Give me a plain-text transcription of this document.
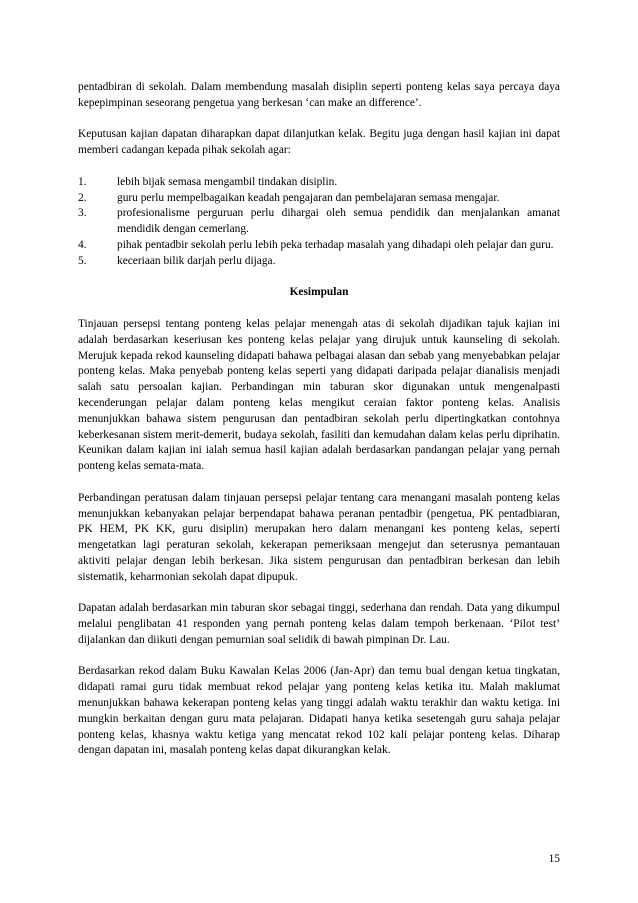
pentadbiran di sekolah. Dalam membendung masalah disiplin seperti ponteng kelas saya percaya daya kepepimpinan seseorang pengetua yang berkesan ‘can make an difference’.

Keputusan kajian dapatan diharapkan dapat dilanjutkan kelak. Begitu juga dengan hasil kajian ini dapat memberi cadangan kepada pihak sekolah agar:

1.	lebih bijak semasa mengambil tindakan disiplin.
2.	guru perlu mempelbagaikan keadah pengajaran dan pembelajaran semasa mengajar.
3.	profesionalisme perguruan perlu dihargai oleh semua pendidik dan menjalankan amanat mendidik dengan cemerlang.
4.	pihak pentadbir sekolah perlu lebih peka terhadap masalah yang dihadapi oleh pelajar dan guru.
5.	keceriaan bilik darjah perlu dijaga.
Kesimpulan

Tinjauan persepsi tentang ponteng kelas pelajar menengah atas di sekolah dijadikan tajuk kajian ini adalah berdasarkan keseriusan kes ponteng kelas pelajar yang dirujuk untuk kaunseling di sekolah. Merujuk kepada rekod kaunseling didapati bahawa pelbagai alasan dan sebab yang menyebabkan pelajar ponteng kelas. Maka penyebab ponteng kelas seperti yang didapati daripada pelajar dianalisis menjadi salah satu persoalan kajian. Perbandingan min taburan skor digunakan untuk mengenalpasti kecenderungan pelajar dalam ponteng kelas mengikut ceraian faktor ponteng kelas. Analisis menunjukkan bahawa sistem pengurusan dan pentadbiran sekolah perlu dipertingkatkan contohnya keberkesanan sistem merit-demerit, budaya sekolah, fasiliti dan kemudahan dalam kelas perlu diprihatin. Keunikan dalam kajian ini ialah semua hasil kajian adalah berdasarkan pandangan pelajar yang pernah ponteng kelas semata-mata.

Perbandingan peratusan dalam tinjauan persepsi pelajar tentang cara menangani masalah ponteng kelas menunjukkan kebanyakan pelajar berpendapat bahawa peranan pentadbir (pengetua, PK pentadbiaran, PK HEM, PK KK, guru disiplin) merupakan hero dalam menangani kes ponteng kelas, seperti mengetatkan lagi peraturan sekolah, kekerapan pemeriksaan mengejut dan seterusnya pemantauan aktiviti pelajar dengan lebih berkesan. Jika sistem pengurusan dan pentadbiran berkesan dan lebih sistematik, keharmonian sekolah dapat dipupuk.

Dapatan adalah berdasarkan min taburan skor sebagai tinggi, sederhana dan rendah. Data yang dikumpul melalui penglibatan 41 responden yang pernah ponteng kelas dalam tempoh berkenaan. ‘Pilot test’ dijalankan dan diikuti dengan pemurnian soal selidik di bawah pimpinan Dr. Lau.

Berdasarkan rekod dalam Buku Kawalan Kelas 2006 (Jan-Apr) dan temu bual dengan ketua tingkatan, didapati ramai guru tidak membuat rekod pelajar yang ponteng kelas ketika itu. Malah maklumat menunjukkan bahawa kekerapan ponteng kelas yang tinggi adalah waktu terakhir dan waktu ketiga. Ini mungkin berkaitan dengan guru mata pelajaran. Didapati hanya ketika sesetengah guru sahaja pelajar ponteng kelas, khasnya waktu ketiga yang mencatat rekod 102 kali pelajar ponteng kelas. Diharap dengan dapatan ini, masalah ponteng kelas dapat dikurangkan kelak.

15
